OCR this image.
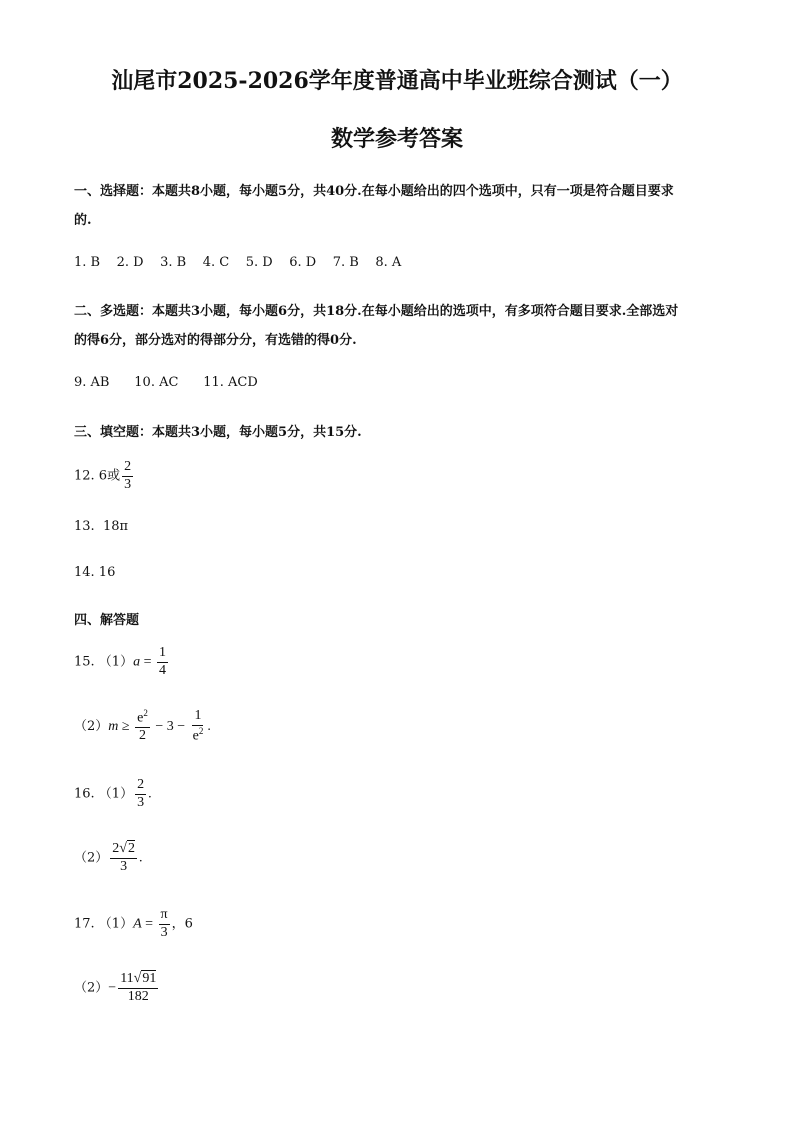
汕尾市2025-2026学年度普通高中毕业班综合测试（一）
数学参考答案
一、选择题：本题共8小题，每小题5分，共40分.在每小题给出的四个选项中，只有一项是符合题目要求
的.
1. B    2. D    3. B    4. C    5. D    6. D    7. B    8. A
二、多选题：本题共3小题，每小题6分，共18分.在每小题给出的选项中，有多项符合题目要求.全部选对
的得6分，部分选对的得部分分，有选错的得0分.
9. AB      10. AC      11. ACD
三、填空题：本题共3小题，每小题5分，共15分.
12. 6或 $\frac{2}{3}$
13.  18π
14. 16
四、解答题
15. $(1)a = \frac{1}{4}$
$(2)m \ge \frac{e^2}{2} - 3 - \frac{1}{e^2}$ .
16. $(1) \frac{2}{3}$ .
$(2) \frac{2√2}{3}$ .
17. $(1)A = \frac{\pi}{3}$ ，6
$(2)- \frac{11√91}{182}$
